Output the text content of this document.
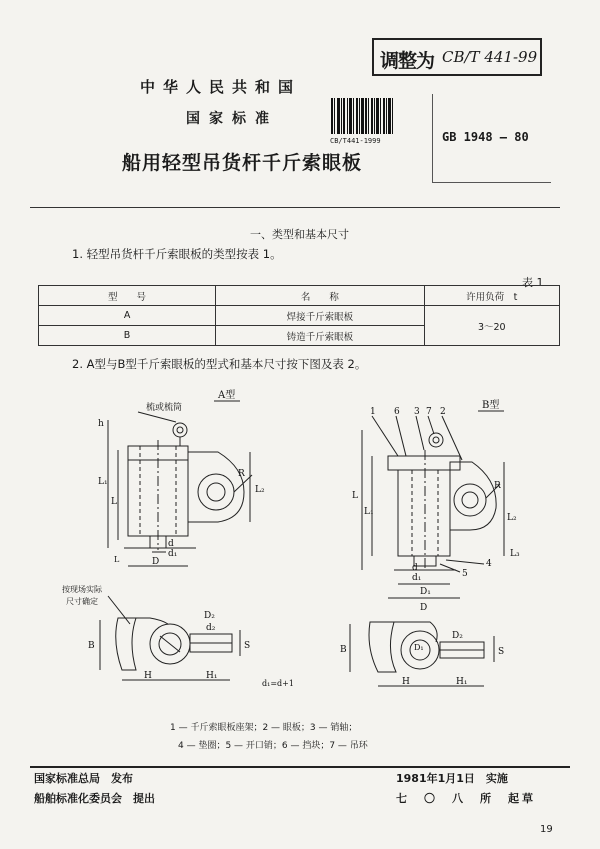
调整为 CB/T 441-99
中华人民共和国
国家标准
CB/T441-1999	GB 1948 — 80
船用轻型吊货杆千斤索眼板
一、类型和基本尺寸
1. 轻型吊货杆千斤索眼板的类型按表 1。
表 1
型　　号	名　　称	许用负荷　t
A	焊接千斤索眼板	3～20
B	铸造千斤索眼板	
2. A型与B型千斤索眼板的型式和基本尺寸按下图及表 2。
A型
梳或梳筒
R
h
L₁
L
L₂
d
d₁
D
L
B型
1 6 3 7 2
R
5
4
L
L₁
L₂
L₃
d
d₁
D₁
D
按现场实际
尺寸确定
D₂
d₂
B	S
H	H₁
d₁=d+1
D₁
D₂
B	S
H	H₁
1 — 千斤索眼板座架；2 — 眼板；3 — 销轴；
4 — 垫圈；5 — 开口销；6 — 挡块；7 — 吊环
国家标准总局　发布
船舶标准化委员会　提出
1981年1月1日　实施
七　〇　八　所　起草
19
